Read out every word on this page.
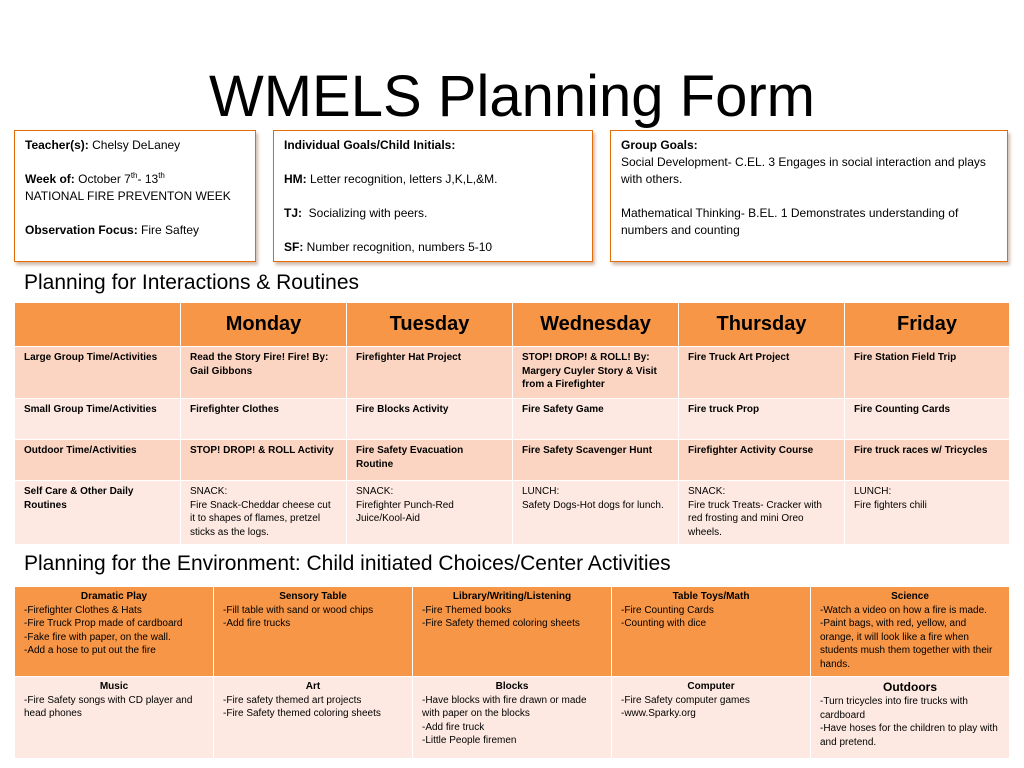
WMELS Planning Form
Teacher(s): Chelsy DeLaney
Week of: October 7th- 13th
NATIONAL FIRE PREVENTON WEEK
Observation Focus: Fire Saftey
Individual Goals/Child Initials:
HM: Letter recognition, letters J,K,L,&M.
TJ:  Socializing with peers.
SF: Number recognition, numbers 5-10
Group Goals:
Social Development- C.EL. 3 Engages in social interaction and plays with others.
Mathematical Thinking- B.EL. 1 Demonstrates understanding of numbers and counting
Planning for Interactions & Routines
	Monday	Tuesday	Wednesday	Thursday	Friday
Large Group Time/Activities	Read the Story Fire! Fire! By: Gail Gibbons	Firefighter Hat Project	STOP! DROP! & ROLL! By: Margery Cuyler Story & Visit from a Firefighter	Fire Truck Art Project	Fire Station Field Trip
Small Group Time/Activities	Firefighter Clothes	Fire Blocks Activity	Fire Safety Game	Fire truck Prop	Fire Counting Cards
Outdoor Time/Activities	STOP! DROP! & ROLL Activity	Fire Safety Evacuation Routine	Fire Safety Scavenger Hunt	Firefighter Activity Course	Fire truck races w/ Tricycles
Self Care & Other Daily Routines	SNACK:
Fire Snack-Cheddar cheese cut it to shapes of flames, pretzel sticks as the logs.	SNACK:
Firefighter Punch-Red Juice/Kool-Aid	LUNCH:
Safety Dogs-Hot dogs for lunch.	SNACK:
Fire truck Treats- Cracker with red frosting and mini Oreo wheels.	LUNCH:
Fire fighters chili
Planning for the Environment: Child initiated Choices/Center Activities
Dramatic Play
-Firefighter Clothes & Hats
-Fire Truck Prop made of cardboard
-Fake fire with paper, on the wall.
-Add a hose to put out the fire	Sensory Table
-Fill table with sand or wood chips
-Add fire trucks	Library/Writing/Listening
-Fire Themed books
-Fire Safety themed coloring sheets	Table Toys/Math
-Fire Counting Cards
-Counting with dice	Science
-Watch a video on how a fire is made.
-Paint bags, with red, yellow, and orange, it will look like a fire when students mush them together with their hands.

Music
-Fire Safety songs with CD player and head phones	Art
-Fire safety themed art projects
-Fire Safety themed coloring sheets	Blocks
-Have blocks with fire drawn or made with paper on the blocks
-Add fire truck
-Little People firemen	Computer
-Fire Safety computer games
-www.Sparky.org	Outdoors
-Turn tricycles into fire trucks with cardboard
-Have hoses for the children to play with and pretend.
